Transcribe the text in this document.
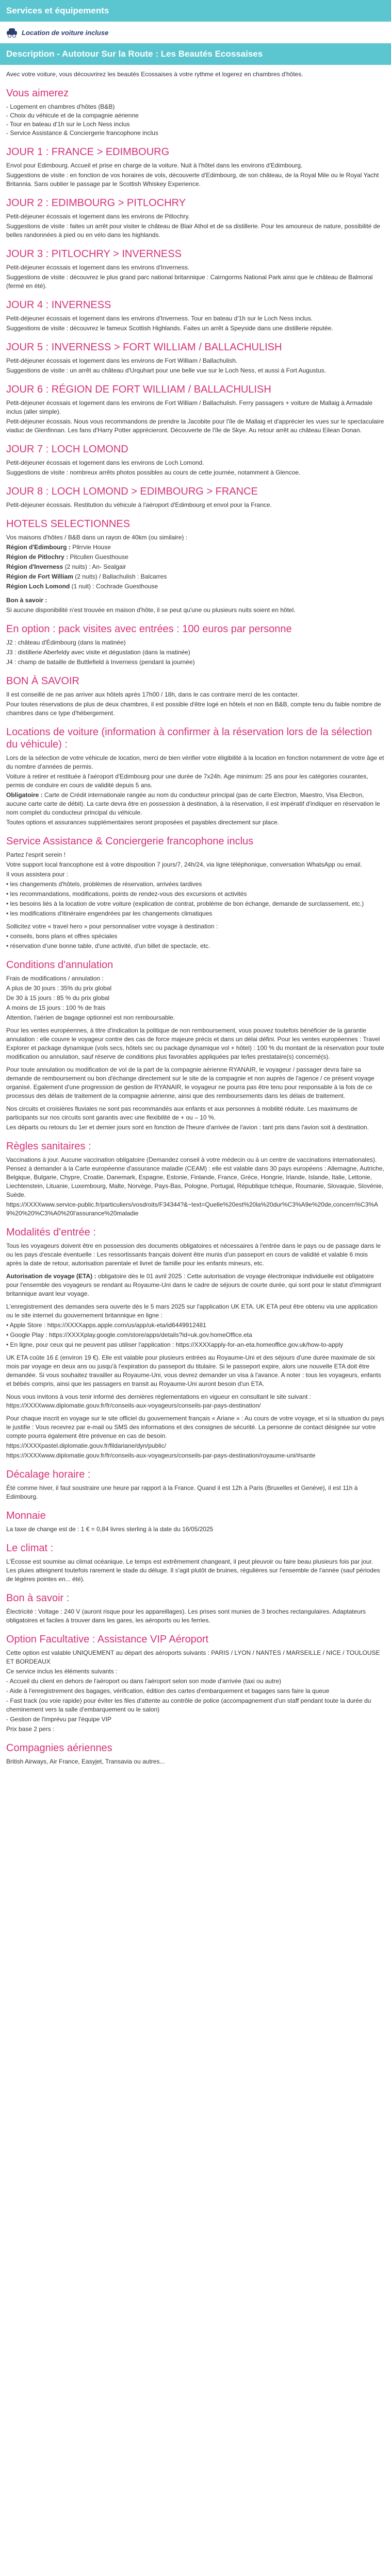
Services et équipements
Location de voiture incluse
Description - Autotour Sur la Route : Les Beautés Ecossaises

Avec votre voiture, vous découvrirez les beautés Ecossaises à votre rythme et logerez en chambres d'hôtes.

Vous aimerez
- Logement en chambres d'hôtes (B&B)
- Choix du véhicule et de la compagnie aérienne
- Tour en bateau d'1h sur le Loch Ness inclus
- Service Assistance & Conciergerie francophone inclus
JOUR 1 : FRANCE > EDIMBOURG

Envol pour Edimbourg. Accueil et prise en charge de la voiture. Nuit à l'hôtel dans les environs d'Edimbourg.

Suggestions de visite : en fonction de vos horaires de vols, découverte d'Edimbourg, de son château, de la Royal Mile ou le Royal Yacht Britannia. Sans oublier le passage par le Scottish Whiskey Experience.

JOUR 2 : EDIMBOURG > PITLOCHRY

Petit-déjeuner écossais et logement dans les environs de Pitlochry.

Suggestions de visite : faites un arrêt pour visiter le château de Blair Athol et de sa distillerie. Pour les amoureux de nature, possibilité de belles randonnées à pied ou en vélo dans les highlands.

JOUR 3 : PITLOCHRY > INVERNESS

Petit-déjeuner écossais et logement dans les environs d'Inverness.

Suggestions de visite : découvrez le plus grand parc national britannique : Cairngorms National Park ainsi que le château de Balmoral (fermé en été).

JOUR 4 : INVERNESS

Petit-déjeuner écossais et logement dans les environs d'Inverness. Tour en bateau d'1h sur le Loch Ness inclus.

Suggestions de visite : découvrez le fameux Scottish Highlands. Faites un arrêt à Speyside dans une distillerie réputée.

JOUR 5 : INVERNESS > FORT WILLIAM / BALLACHULISH

Petit-déjeuner écossais et logement dans les environs de Fort William / Ballachulish.

Suggestions de visite : un arrêt au château d'Urquhart pour une belle vue sur le Loch Ness, et aussi à Fort Augustus.

JOUR 6 : RÉGION DE FORT WILLIAM / BALLACHULISH

Petit-déjeuner écossais et logement dans les environs de Fort William / Ballachulish. Ferry passagers + voiture de Mallaig à Armadale inclus (aller simple).

Petit-déjeuner écossais. Nous vous recommandons de prendre la Jacobite pour l'île de Mallaig et d'apprécier les vues sur le spectaculaire viaduc de Glenfinnan. Les fans d'Harry Potter apprécieront. Découverte de l'île de Skye. Au retour arrêt au château Eilean Donan.

JOUR 7 : LOCH LOMOND

Petit-déjeuner écossais et logement dans les environs de Loch Lomond.

Suggestions de visite : nombreux arrêts photos possibles au cours de cette journée, notamment à Glencoe.

JOUR 8 : LOCH LOMOND > EDIMBOURG > FRANCE

Petit-déjeuner écossais. Restitution du véhicule à l'aéroport d'Edimbourg et envol pour la France.

HOTELS SELECTIONNES

Vos maisons d'hôtes / B&B dans un rayon de 40km (ou similaire) :

Région d'Edimbourg : Pilrrvie House

Région de Pitlochry : Pitcullen Guesthouse

Région d'Inverness (2 nuits) : An- Sealgair

Région de Fort William (2 nuits) / Ballachulish : Balcarres

Région Loch Lomond (1 nuit) : Cochrade Guesthouse

Bon à savoir :

Si aucune disponibilité n'est trouvée en maison d'hôte, il se peut qu'une ou plusieurs nuits soient en hôtel.

En option : pack visites avec entrées : 100 euros par personne

J2 : château d'Édimbourg (dans la matinée)

J3 : distillerie Aberfeldy avec visite et dégustation (dans la matinée)

J4 : champ de bataille de Buttlefield à Inverness (pendant la journée)

BON À SAVOIR

Il est conseillé de ne pas arriver aux hôtels après 17h00 / 18h, dans le cas contraire merci de les contacter.

Pour toutes réservations de plus de deux chambres, il est possible d'être logé en hôtels et non en B&B, compte tenu du faible nombre de chambres dans ce type d'hébergement.

Locations de voiture (information à confirmer à la réservation lors de la sélection du véhicule) :

Lors de la sélection de votre véhicule de location, merci de bien vérifier votre éligibilité à la location en fonction notamment de votre âge et du nombre d'années de permis.

Voiture à retirer et restituée à l'aéroport d'Edimbourg pour une durée de 7x24h. Age minimum: 25 ans pour les catégories courantes, permis de conduire en cours de validité depuis 5 ans.

Obligatoire : Carte de Crédit internationale rangée au nom du conducteur principal (pas de carte Electron, Maestro, Visa Electron, aucune carte carte de débit). La carte devra être en possession à destination, à la réservation, il est impératif d'indiquer en réservation le nom complet du conducteur principal du véhicule.

Toutes options et assurances supplémentaires seront proposées et payables directement sur place.

Service Assistance & Conciergerie francophone inclus

Partez l'esprit serein !

Votre support local francophone est à votre disposition 7 jours/7, 24h/24, via ligne téléphonique, conversation WhatsApp ou email.

Il vous assistera pour :

• les changements d'hôtels, problèmes de réservation, arrivées tardives

• les recommandations, modifications, points de rendez-vous des excursions et activités

• les besoins liés à la location de votre voiture (explication de contrat, problème de bon échange, demande de surclassement, etc.)

• les modifications d'itinéraire engendrées par les changements climatiques

Sollicitez votre « travel hero » pour personnaliser votre voyage à destination :

• conseils, bons plans et offres spéciales

• réservation d'une bonne table, d'une activité, d'un billet de spectacle, etc.

Conditions d'annulation

Frais de modifications / annulation :

A plus de 30 jours : 35% du prix global

De 30 à 15 jours : 85 % du prix global

A moins de 15 jours : 100 % de frais

Attention, l'aérien de bagage optionnel est non remboursable.

Pour les ventes européennes, à titre d'indication la politique de non remboursement, vous pouvez toutefois bénéficier de la garantie annulation : elle couvre le voyageur contre des cas de force majeure précis et dans un délai défini. Pour les ventes européennes : Travel Explorer et package dynamique (vols secs, hôtels sec ou package dynamique vol + hôtel) : 100 % du montant de la réservation pour toute modification ou annulation, sauf réserve de conditions plus favorables appliquées par le/les prestataire(s) concerné(s).

Pour toute annulation ou modification de vol de la part de la compagnie aérienne RYANAIR, le voyageur / passager devra faire sa demande de remboursement ou bon d'échange directement sur le site de la compagnie et non auprès de l'agence / ce présent voyage organisé. Egalement d'une progression de gestion de RYANAIR, le voyageur ne pourra pas être tenu pour responsable à la fois de ce processus des délais de traitement de la compagnie aérienne, ainsi que des remboursements dans les délais de traitement.

Nos circuits et croisières fluviales ne sont pas recommandés aux enfants et aux personnes à mobilité réduite. Les maximums de participants sur nos circuits sont garantis avec une flexibilité de + ou – 10 %.

Les départs ou retours du 1er et dernier jours sont en fonction de l'heure d'arrivée de l'avion : tant pris dans l'avion soit à destination.

Règles sanitaires :

Vaccinations à jour. Aucune vaccination obligatoire (Demandez conseil à votre médecin ou à un centre de vaccinations internationales). Pensez à demander à la Carte européenne d'assurance maladie (CEAM) : elle est valable dans 30 pays européens : Allemagne, Autriche, Belgique, Bulgarie, Chypre, Croatie, Danemark, Espagne, Estonie, Finlande, France, Grèce, Hongrie, Irlande, Islande, Italie, Lettonie, Liechtenstein, Lituanie, Luxembourg, Malte, Norvège, Pays-Bas, Pologne, Portugal, République tchèque, Roumanie, Slovaquie, Slovénie, Suède.

https://XXXXwww.service-public.fr/particuliers/vosdroits/F34344?&~text=Quelle%20est%20la%20dur%C3%A9e%20de,concern%C3%A9%20%20%C3%A0%20l'assurance%20maladie

Modalités d'entrée :

Tous les voyageurs doivent être en possession des documents obligatoires et nécessaires à l'entrée dans le pays ou de passage dans le ou les pays d'escale éventuelle : Les ressortissants français doivent être munis d'un passeport en cours de validité et valable 6 mois après la date de retour, autorisation parentale et livret de famille pour les enfants mineurs, etc.

Autorisation de voyage (ETA) : obligatoire dès le 01 avril 2025 : Cette autorisation de voyage électronique individuelle est obligatoire pour l'ensemble des voyageurs se rendant au Royaume-Uni dans le cadre de séjours de courte durée, qui sont pour le statut d'immigrant britannique avant leur voyage.

L'enregistrement des demandes sera ouverte dès le 5 mars 2025 sur l'application UK ETA. UK ETA peut être obtenu via une application ou le site internet du gouvernement britannique en ligne :

• Apple Store : https://XXXXapps.apple.com/us/app/uk-eta/id6449912481

• Google Play : https://XXXXplay.google.com/store/apps/details?id=uk.gov.homeOffice.eta

• En ligne, pour ceux qui ne peuvent pas utiliser l'application : https://XXXXapply-for-an-eta.homeoffice.gov.uk/how-to-apply

UK ETA coûte 16 £ (environ 19 €). Elle est valable pour plusieurs entrées au Royaume-Uni et des séjours d'une durée maximale de six mois par voyage en deux ans ou jusqu'à l'expiration du passeport du titulaire. Si le passeport expire, alors une nouvelle ETA doit être demandée. Si vous souhaitez travailler au Royaume-Uni, vous devrez demander un visa à l'avance. A noter : tous les voyageurs, enfants et bébés compris, ainsi que les passagers en transit au Royaume-Uni auront besoin d'un ETA.

Nous vous invitons à vous tenir informé des dernières réglementations en vigueur en consultant le site suivant : https://XXXXwww.diplomatie.gouv.fr/fr/conseils-aux-voyageurs/conseils-par-pays-destination/

Pour chaque inscrit en voyage sur le site officiel du gouvernement français « Ariane » : Au cours de votre voyage, et si la situation du pays le justifie : Vous recevrez par e-mail ou SMS des informations et des consignes de sécurité. La personne de contact désignée sur votre compte pourra également être prévenue en cas de besoin.

https://XXXXpastel.diplomatie.gouv.fr/fildariane/dyn/public/

https://XXXXwww.diplomatie.gouv.fr/fr/conseils-aux-voyageurs/conseils-par-pays-destination/royaume-uni/#sante

Décalage horaire :

Été comme hiver, il faut soustraire une heure par rapport à la France. Quand il est 12h à Paris (Bruxelles et Genève), il est 11h à Edimbourg.

Monnaie

La taxe de change est de : 1 € = 0,84 livres sterling à la date du 16/05/2025

Le climat :

L'Écosse est soumise au climat océanique. Le temps est extrêmement changeant, il peut pleuvoir ou faire beau plusieurs fois par jour. Les pluies atteignent toutefois rarement le stade du déluge. Il s'agit plutôt de bruines, régulières sur l'ensemble de l'année (sauf périodes de légères pointes en... été).

Bon à savoir :

Électricité : Voltage : 240 V (auront risque pour les appareillages). Les prises sont munies de 3 broches rectangulaires. Adaptateurs obligatoires et faciles à trouver dans les gares, les aéroports ou les ferries.

Option Facultative : Assistance VIP Aéroport

Cette option est valable UNIQUEMENT au départ des aéroports suivants : PARIS / LYON / NANTES / MARSEILLE / NICE / TOULOUSE ET BORDEAUX

Ce service inclus les éléments suivants :

- Accueil du client en dehors de l'aéroport ou dans l'aéroport selon son mode d'arrivée (taxi ou autre)

- Aide à l'enregistrement des bagages, vérification, édition des cartes d'embarquement et bagages sans faire la queue

- Fast track (ou voie rapide) pour éviter les files d'attente au contrôle de police (accompagnement d'un staff pendant toute la durée du cheminement vers la salle d'embarquement ou le salon)

- Gestion de l'imprévu par l'équipe VIP

Prix base 2 pers :

Compagnies aériennes

British Airways, Air France, Easyjet, Transavia ou autres...
